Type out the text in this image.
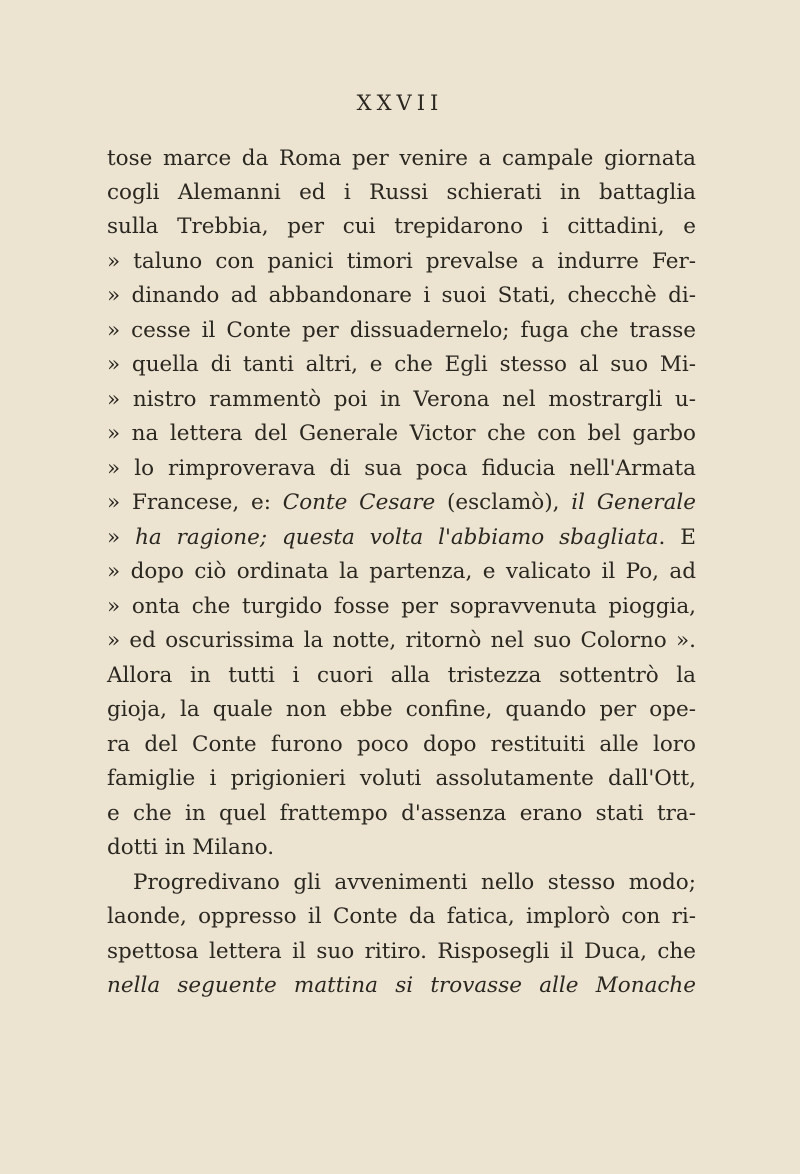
XXVII
tose marce da Roma per venire a campale giornata
cogli Alemanni ed i Russi schierati in battaglia
sulla Trebbia, per cui trepidarono i cittadini, e
» taluno con panici timori prevalse a indurre Fer-
» dinando ad abbandonare i suoi Stati, checchè di-
» cesse il Conte per dissuadernelo; fuga che trasse
» quella di tanti altri, e che Egli stesso al suo Mi-
» nistro rammentò poi in Verona nel mostrargli u-
» na lettera del Generale Victor che con bel garbo
» lo rimproverava di sua poca fiducia nell'Armata
» Francese, e: Conte Cesare (esclamò), il Generale
» ha ragione; questa volta l'abbiamo sbagliata. E
» dopo ciò ordinata la partenza, e valicato il Po, ad
» onta che turgido fosse per sopravvenuta pioggia,
» ed oscurissima la notte, ritornò nel suo Colorno ».
Allora in tutti i cuori alla tristezza sottentrò la
gioja, la quale non ebbe confine, quando per ope-
ra del Conte furono poco dopo restituiti alle loro
famiglie i prigionieri voluti assolutamente dall'Ott,
e che in quel frattempo d'assenza erano stati tra-
dotti in Milano.
Progredivano gli avvenimenti nello stesso modo;
laonde, oppresso il Conte da fatica, implorò con ri-
spettosa lettera il suo ritiro. Risposegli il Duca, che
nella seguente mattina si trovasse alle Monache
